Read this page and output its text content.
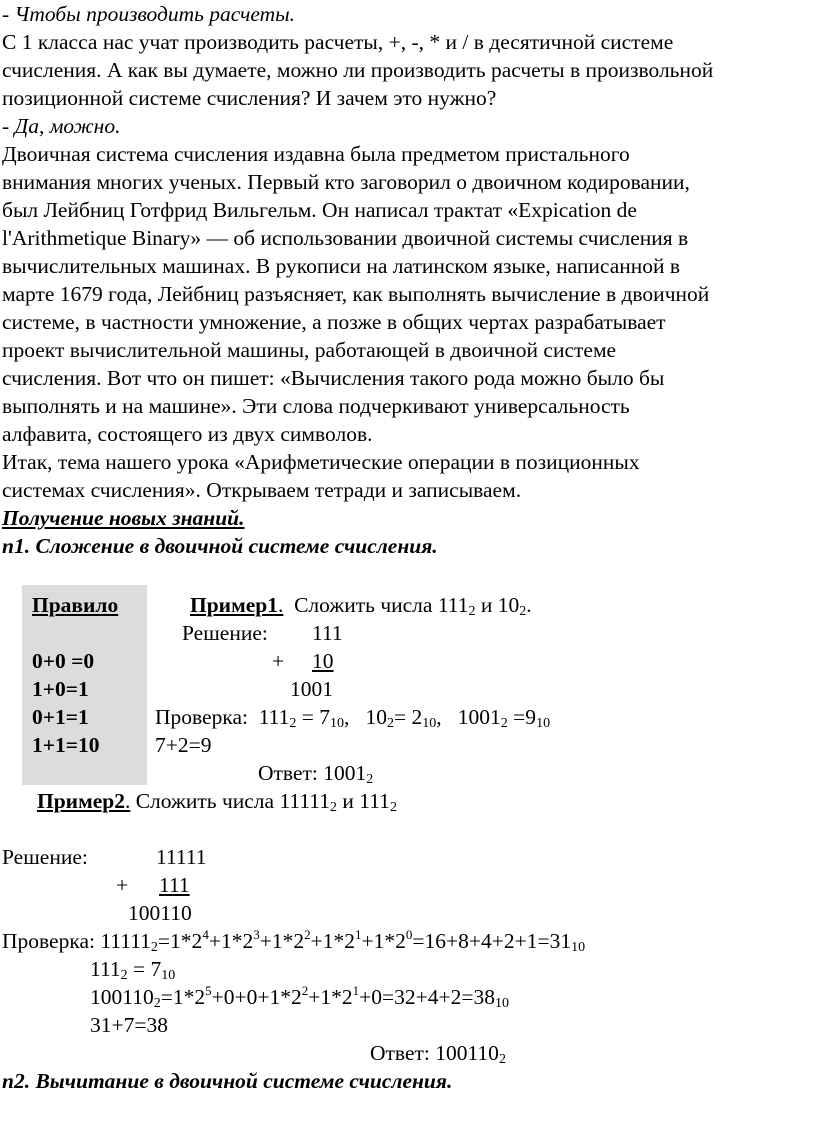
- Чтобы производить расчеты.
С 1 класса нас учат производить расчеты, +, -, * и / в десятичной системе
счисления. А как вы думаете, можно ли производить расчеты в произвольной
позиционной системе счисления? И зачем это нужно?
- Да, можно.
Двоичная система счисления издавна была предметом пристального
внимания многих ученых. Первый кто заговорил о двоичном кодировании,
был Лейбниц Готфрид Вильгельм. Он написал трактат «Expication de
l'Arithmetique Binary» — об использовании двоичной системы счисления в
вычислительных машинах. В рукописи на латинском языке, написанной в
марте 1679 года, Лейбниц разъясняет, как выполнять вычисление в двоичной
системе, в частности умножение, а позже в общих чертах разрабатывает
проект вычислительной машины, работающей в двоичной системе
счисления. Вот что он пишет: «Вычисления такого рода можно было бы
выполнять и на машине». Эти слова подчеркивают универсальность
алфавита, состоящего из двух символов.
Итак, тема нашего урока «Арифметические операции в позиционных
системах счисления». Открываем тетради и записываем.
Получение новых знаний.
п1. Сложение в двоичной системе счисления.
Правило
0+0 =0
1+0=1
0+1=1
1+1=10
Пример1. Сложить числа $111_2$ и $10_2$.
Решение: 111
+	10
1001
Проверка: $111_2 = 7_{10}$,   $10_2= 2_{10}$,   $1001_2 =9_{10}$
7+2=9
Ответ: $1001_2$
Пример2. Сложить числа $11111_2$ и $111_2$
Решение:	11111
+	111
100110
Проверка: $11111_2=1*2^4+1*2^3+1*2^2+1*2^1+1*2^0=16+8+4+2+1=31_{10}$
$111_2 = 7_{10}$
$100110_2=1*2^5+0+0+1*2^2+1*2^1+0=32+4+2=38_{10}$
31+7=38
Ответ: $100110_2$
п2. Вычитание в двоичной системе счисления.
